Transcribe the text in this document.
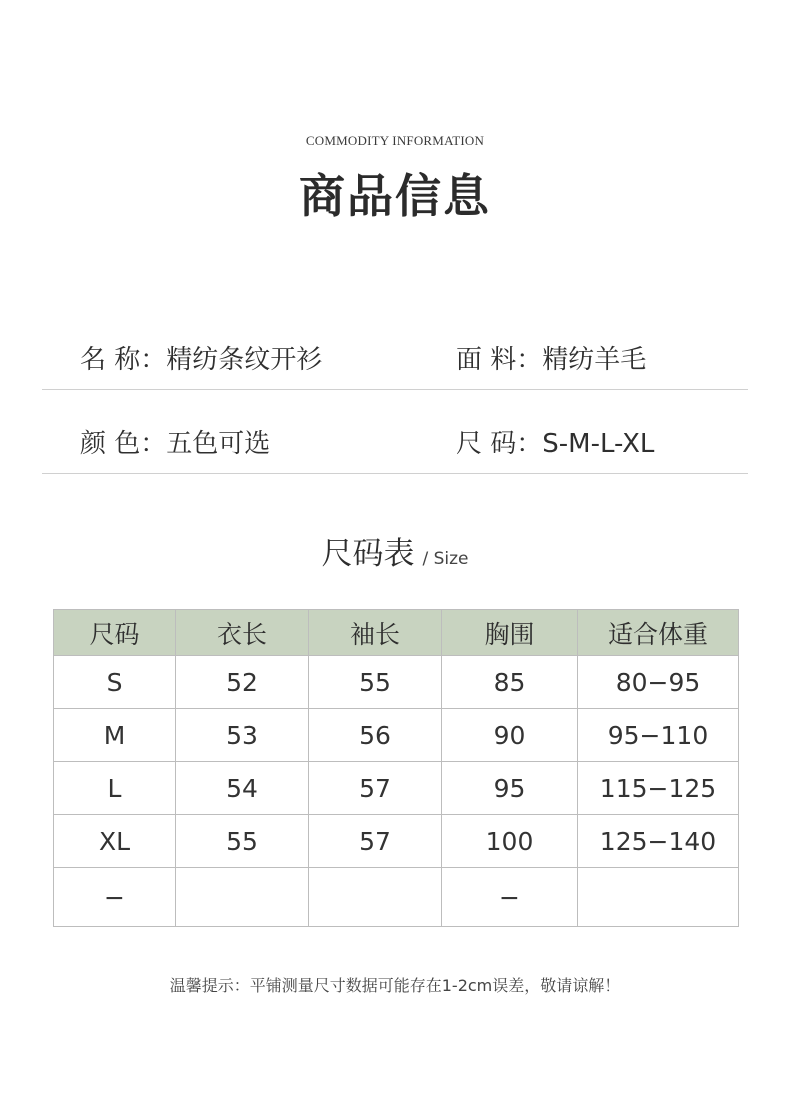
COMMODITY INFORMATION
商品信息
名 称：精纺条纹开衫	面 料：精纺羊毛
颜 色：五色可选	尺 码：S-M-L-XL
尺码表 / Size
尺码	衣长	袖长	胸围	适合体重
S	52	55	85	80−95
M	53	56	90	95−110
L	54	57	95	115−125
XL	55	57	100	125−140
−			−	
温馨提示：平铺测量尺寸数据可能存在1-2cm误差，敬请谅解！
